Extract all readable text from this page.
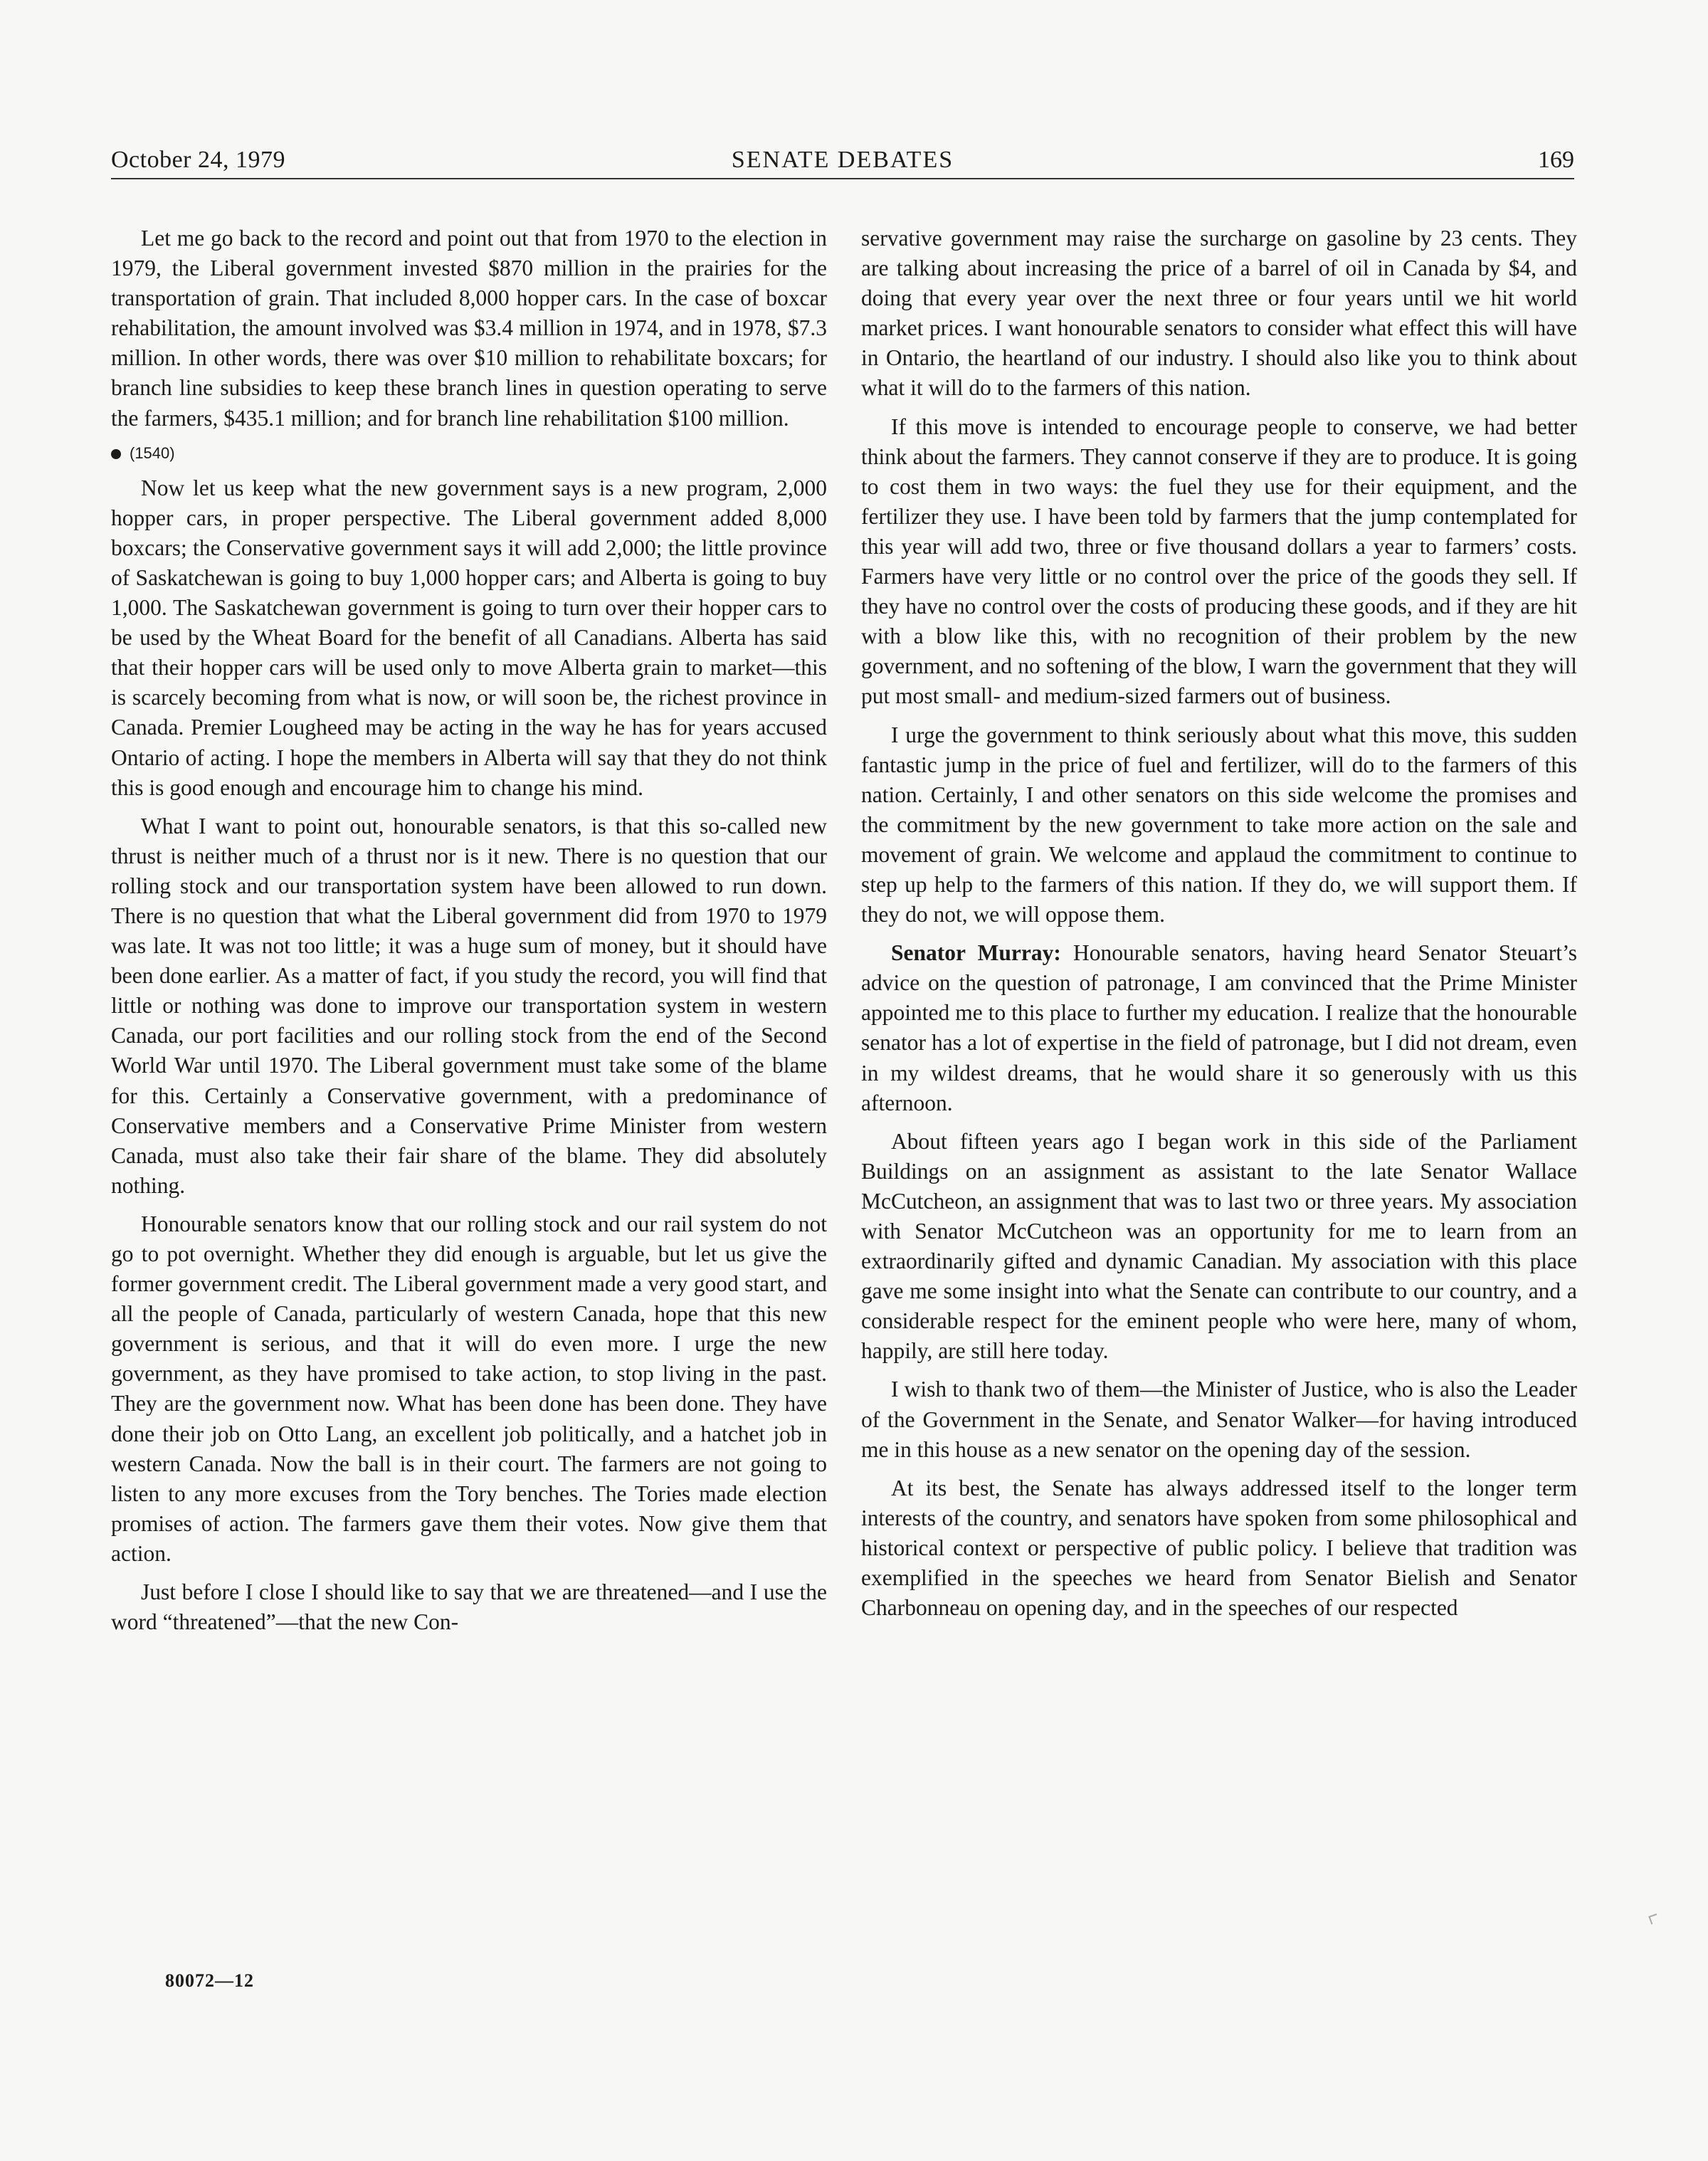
October 24, 1979	SENATE DEBATES	169

Let me go back to the record and point out that from 1970 to the election in 1979, the Liberal government invested $870 million in the prairies for the transportation of grain. That included 8,000 hopper cars. In the case of boxcar rehabilitation, the amount involved was $3.4 million in 1974, and in 1978, $7.3 million. In other words, there was over $10 million to rehabilitate boxcars; for branch line subsidies to keep these branch lines in question operating to serve the farmers, $435.1 million; and for branch line rehabilitation $100 million.

(1540)

Now let us keep what the new government says is a new program, 2,000 hopper cars, in proper perspective. The Liberal government added 8,000 boxcars; the Conservative government says it will add 2,000; the little province of Saskatchewan is going to buy 1,000 hopper cars; and Alberta is going to buy 1,000. The Saskatchewan government is going to turn over their hopper cars to be used by the Wheat Board for the benefit of all Canadians. Alberta has said that their hopper cars will be used only to move Alberta grain to market—this is scarcely becoming from what is now, or will soon be, the richest province in Canada. Premier Lougheed may be acting in the way he has for years accused Ontario of acting. I hope the members in Alberta will say that they do not think this is good enough and encourage him to change his mind.

What I want to point out, honourable senators, is that this so-called new thrust is neither much of a thrust nor is it new. There is no question that our rolling stock and our transportation system have been allowed to run down. There is no question that what the Liberal government did from 1970 to 1979 was late. It was not too little; it was a huge sum of money, but it should have been done earlier. As a matter of fact, if you study the record, you will find that little or nothing was done to improve our transportation system in western Canada, our port facilities and our rolling stock from the end of the Second World War until 1970. The Liberal government must take some of the blame for this. Certainly a Conservative government, with a predominance of Conservative members and a Conservative Prime Minister from western Canada, must also take their fair share of the blame. They did absolutely nothing.

Honourable senators know that our rolling stock and our rail system do not go to pot overnight. Whether they did enough is arguable, but let us give the former government credit. The Liberal government made a very good start, and all the people of Canada, particularly of western Canada, hope that this new government is serious, and that it will do even more. I urge the new government, as they have promised to take action, to stop living in the past. They are the government now. What has been done has been done. They have done their job on Otto Lang, an excellent job politically, and a hatchet job in western Canada. Now the ball is in their court. The farmers are not going to listen to any more excuses from the Tory benches. The Tories made election promises of action. The farmers gave them their votes. Now give them that action.

Just before I close I should like to say that we are threatened—and I use the word “threatened”—that the new Con-

servative government may raise the surcharge on gasoline by 23 cents. They are talking about increasing the price of a barrel of oil in Canada by $4, and doing that every year over the next three or four years until we hit world market prices. I want honourable senators to consider what effect this will have in Ontario, the heartland of our industry. I should also like you to think about what it will do to the farmers of this nation.

If this move is intended to encourage people to conserve, we had better think about the farmers. They cannot conserve if they are to produce. It is going to cost them in two ways: the fuel they use for their equipment, and the fertilizer they use. I have been told by farmers that the jump contemplated for this year will add two, three or five thousand dollars a year to farmers’ costs. Farmers have very little or no control over the price of the goods they sell. If they have no control over the costs of producing these goods, and if they are hit with a blow like this, with no recognition of their problem by the new government, and no softening of the blow, I warn the government that they will put most small- and medium-sized farmers out of business.

I urge the government to think seriously about what this move, this sudden fantastic jump in the price of fuel and fertilizer, will do to the farmers of this nation. Certainly, I and other senators on this side welcome the promises and the commitment by the new government to take more action on the sale and movement of grain. We welcome and applaud the commitment to continue to step up help to the farmers of this nation. If they do, we will support them. If they do not, we will oppose them.

Senator Murray: Honourable senators, having heard Senator Steuart’s advice on the question of patronage, I am convinced that the Prime Minister appointed me to this place to further my education. I realize that the honourable senator has a lot of expertise in the field of patronage, but I did not dream, even in my wildest dreams, that he would share it so generously with us this afternoon.

About fifteen years ago I began work in this side of the Parliament Buildings on an assignment as assistant to the late Senator Wallace McCutcheon, an assignment that was to last two or three years. My association with Senator McCutcheon was an opportunity for me to learn from an extraordinarily gifted and dynamic Canadian. My association with this place gave me some insight into what the Senate can contribute to our country, and a considerable respect for the eminent people who were here, many of whom, happily, are still here today.

I wish to thank two of them—the Minister of Justice, who is also the Leader of the Government in the Senate, and Senator Walker—for having introduced me in this house as a new senator on the opening day of the session.

At its best, the Senate has always addressed itself to the longer term interests of the country, and senators have spoken from some philosophical and historical context or perspective of public policy. I believe that tradition was exemplified in the speeches we heard from Senator Bielish and Senator Charbonneau on opening day, and in the speeches of our respected

80072—12
